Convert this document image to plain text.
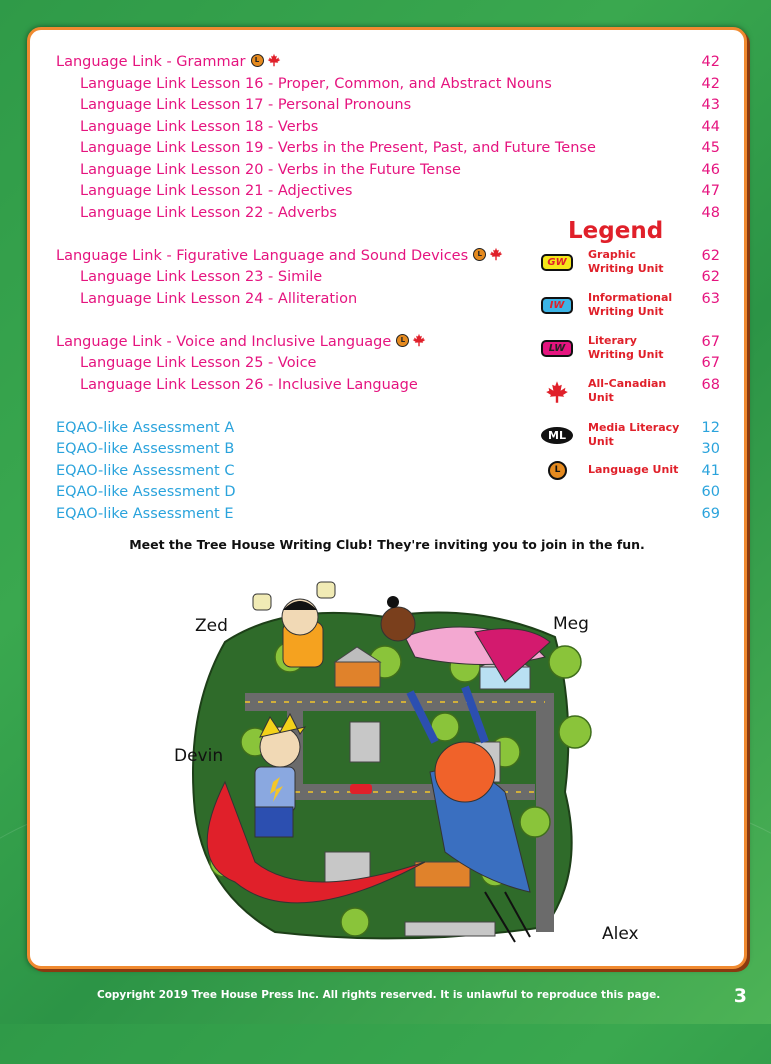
Language Link - Grammar L	42
Language Link Lesson 16 - Proper, Common, and Abstract Nouns	42
Language Link Lesson 17 - Personal Pronouns	43
Language Link Lesson 18 - Verbs	44
Language Link Lesson 19 - Verbs in the Present, Past, and Future Tense	45
Language Link Lesson 20 - Verbs in the Future Tense	46
Language Link Lesson 21 - Adjectives	47
Language Link Lesson 22 - Adverbs	48
Language Link - Figurative Language and Sound Devices L	62
Language Link Lesson 23 - Simile	62
Language Link Lesson 24 - Alliteration	63
Language Link - Voice and Inclusive Language L	67
Language Link Lesson 25 - Voice	67
Language Link Lesson 26 - Inclusive Language	68
EQAO-like Assessment A	12
EQAO-like Assessment B	30
EQAO-like Assessment C	41
EQAO-like Assessment D	60
EQAO-like Assessment E	69
Legend
GW
Graphic
Writing Unit
IW
Informational
Writing Unit
LW
Literary
Writing Unit
All-Canadian
Unit
ML
Media Literacy
Unit
L	Language Unit
Meet the Tree House Writing Club! They're inviting you to join in the fun.
Zed	Meg
Devin
Alex
Copyright 2019 Tree House Press Inc. All rights reserved. It is unlawful to reproduce this page.	3
